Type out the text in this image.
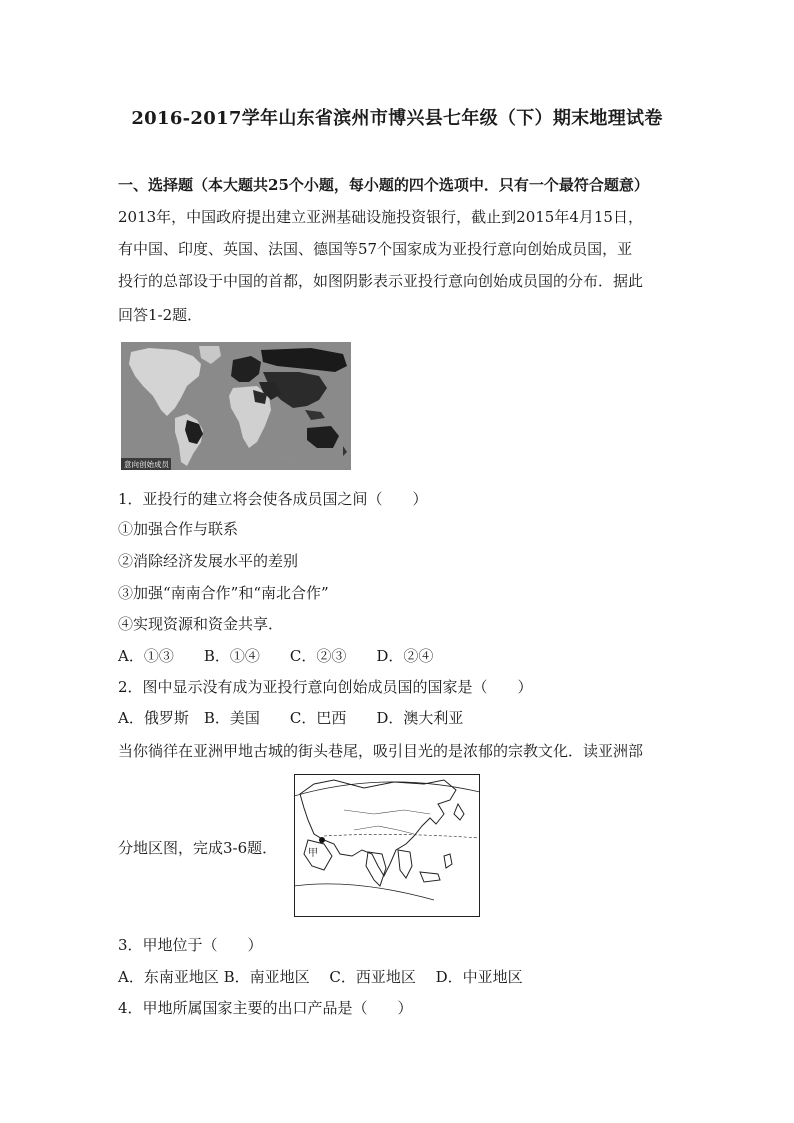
2016-2017学年山东省滨州市博兴县七年级（下）期末地理试卷
一、选择题（本大题共25个小题，每小题的四个选项中．只有一个最符合题意）
2013年，中国政府提出建立亚洲基础设施投资银行，截止到2015年4月15日，
有中国、印度、英国、法国、德国等57个国家成为亚投行意向创始成员国，亚
投行的总部设于中国的首都，如图阴影表示亚投行意向创始成员国的分布．据此
回答1-2题．
· · ·
意向创始成员
1．亚投行的建立将会使各成员国之间（　　）
①加强合作与联系
②消除经济发展水平的差别
③加强“南南合作”和“南北合作”
④实现资源和资金共享．
A．①③　　B．①④　　C．②③　　D．②④
2．图中显示没有成为亚投行意向创始成员国的国家是（　　）
A．俄罗斯　B．美国　　C．巴西　　D．澳大利亚
当你徜徉在亚洲甲地古城的街头巷尾，吸引目光的是浓郁的宗教文化．读亚洲部
分地区图，完成3-6题．	甲
3．甲地位于（　　）
A．东南亚地区 B．南亚地区　 C．西亚地区　 D．中亚地区
4．甲地所属国家主要的出口产品是（　　）
